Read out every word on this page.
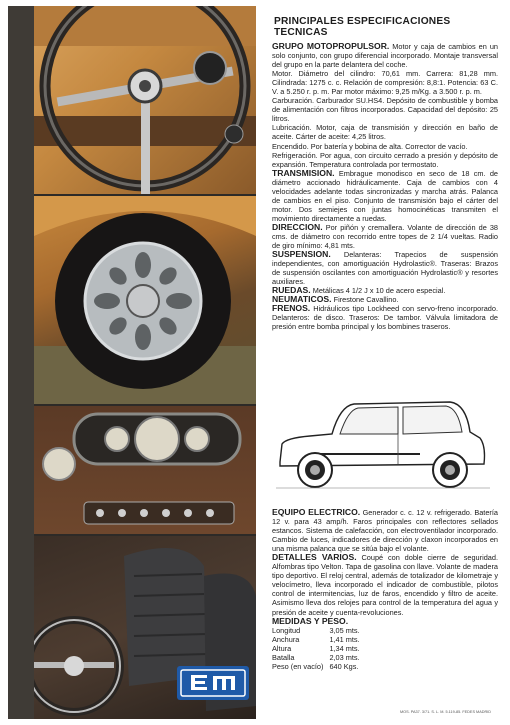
PRINCIPALES ESPECIFICACIONES TECNICAS

GRUPO MOTOPROPULSOR. Motor y caja de cambios en un solo conjunto, con grupo diferencial incorporado. Montaje transversal del grupo en la parte delantera del coche.

Motor. Diámetro del cilindro: 70,61 mm. Carrera: 81,28 mm. Cilindrada: 1275 c. c. Relación de compresión: 8,8:1. Potencia: 63 C. V. a 5.250 r. p. m. Par motor máximo: 9,25 m/Kg. a 3.500 r. p. m.

Carburación. Carburador SU.HS4. Depósito de combustible y bomba de alimentación con filtros incorporados. Capacidad del depósito: 25 litros.

Lubricación. Motor, caja de transmisión y dirección en baño de aceite. Cárter de aceite: 4,25 litros.

Encendido. Por batería y bobina de alta. Corrector de vacío.

Refrigeración. Por agua, con circuito cerrado a presión y depósito de expansión. Temperatura controlada por termostato.

TRANSMISION. Embrague monodisco en seco de 18 cm. de diámetro accionado hidráulicamente. Caja de cambios con 4 velocidades adelante todas sincronizadas y marcha atrás. Palanca de cambios en el piso. Conjunto de transmisión bajo el cárter del motor. Dos semiejes con juntas homocinéticas transmiten el movimiento directamente a ruedas.

DIRECCION. Por piñón y cremallera. Volante de dirección de 38 cms. de diámetro con recorrido entre topes de 2 1/4 vueltas. Radio de giro mínimo: 4,81 mts.

SUSPENSION. Delanteras: Trapecios de suspensión independientes, con amortiguación Hydrolastic®. Traseras: Brazos de suspensión oscilantes con amortiguación Hydrolastic® y resortes auxiliares.

RUEDAS. Metálicas 4 1/2 J x 10 de acero especial.

NEUMATICOS. Firestone Cavallino.

FRENOS. Hidráulicos tipo Lockheed con servo-freno incorporado. Delanteros: de disco. Traseros: De tambor. Válvula limitadora de presión entre bomba principal y los bombines traseros.

EQUIPO ELECTRICO. Generador c. c. 12 v. refrigerado. Batería 12 v. para 43 amp/h. Faros principales con reflectores sellados estancos. Sistema de calefacción, con electroventilador incorporado. Cambio de luces, indicadores de dirección y claxon incorporados en una misma palanca que se sitúa bajo el volante.

DETALLES VARIOS. Coupé con doble cierre de seguridad. Alfombras tipo Velton. Tapa de gasolina con llave. Volante de madera tipo deportivo. El reloj central, además de totalizador de kilometraje y velocímetro, lleva incorporado el indicador de combustible, pilotos control de intermitencias, luz de faros, encendido y filtro de aceite. Asimismo lleva dos relojes para control de la temperatura del agua y presión de aceite y cuenta-revoluciones.

MEDIDAS Y PESO.

Longitud	3,05 mts.
Anchura	1,41 mts.
Altura	1,34 mts.
Batalla	2,03 mts.
Peso (en vacío)	640 Kgs.
MOS. PA37. 3/71. S. L. M. 5.119-85. FEDES MADRID
